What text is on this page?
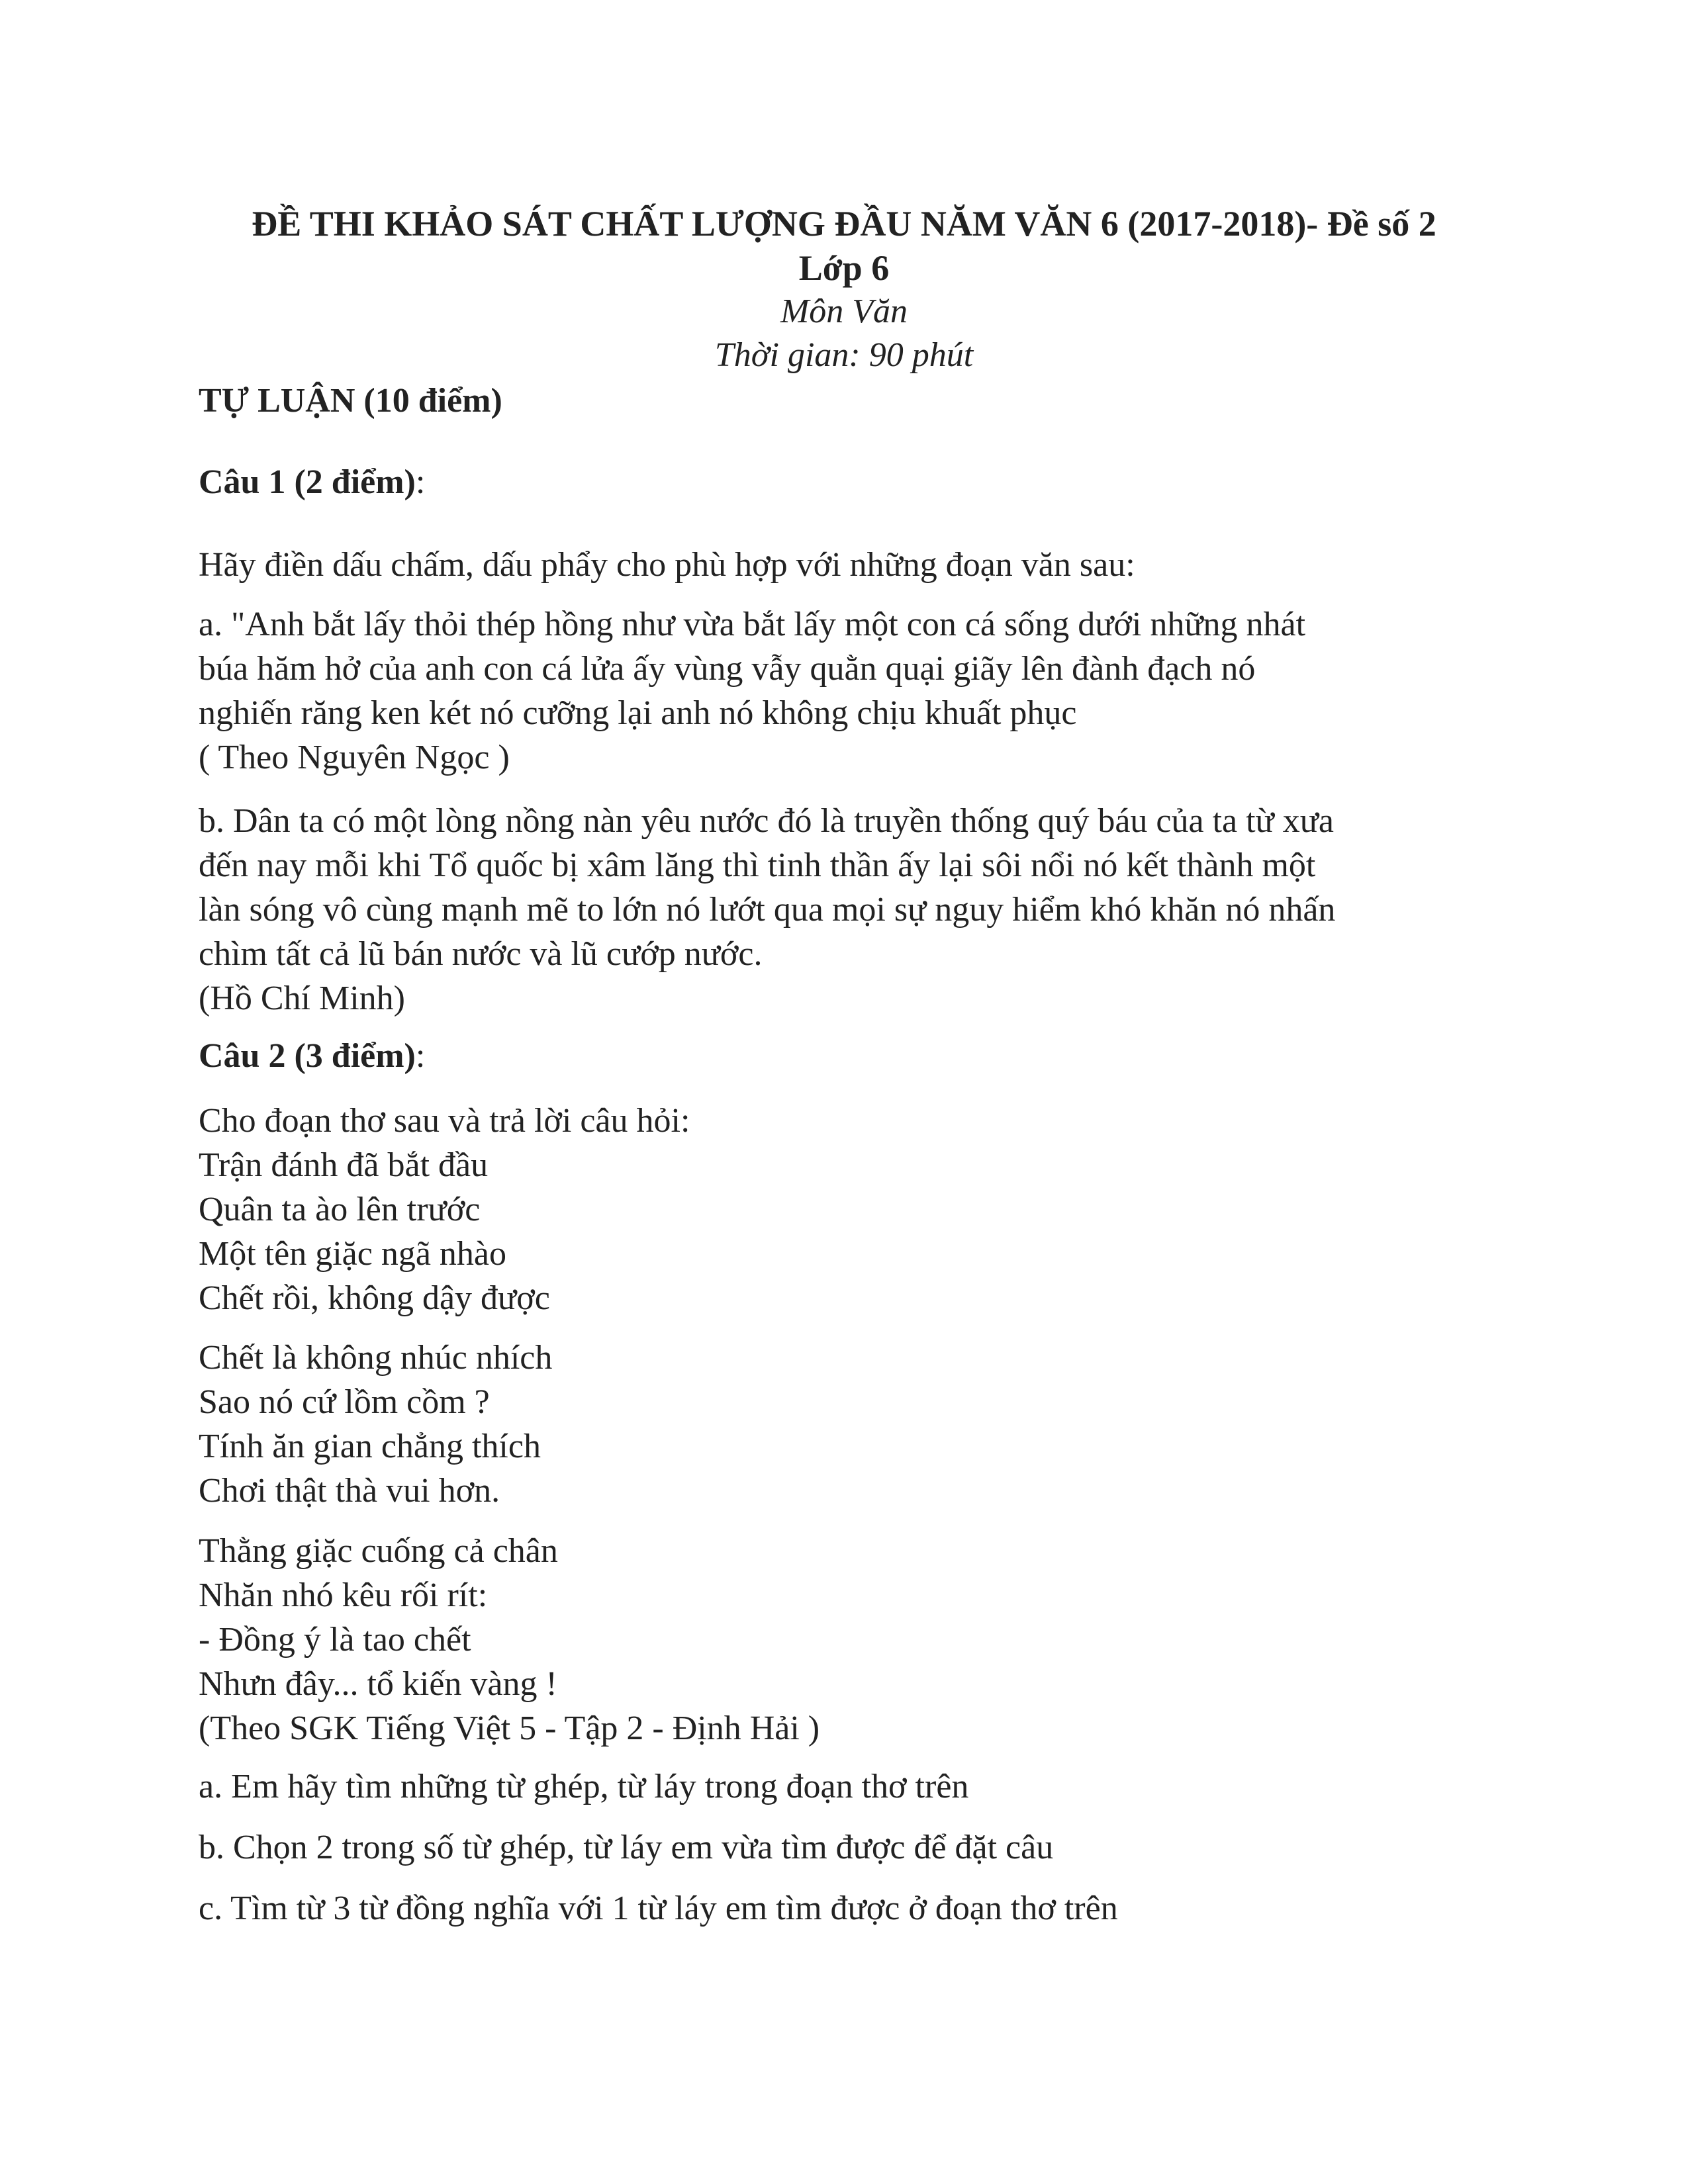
ĐỀ THI KHẢO SÁT CHẤT LƯỢNG ĐẦU NĂM VĂN 6 (2017-2018)- Đề số 2

Lớp 6

Môn Văn

Thời gian: 90 phút

TỰ LUẬN (10 điểm)

Câu 1 (2 điểm):

Hãy điền dấu chấm, dấu phẩy cho phù hợp với những đoạn văn sau:

a. "Anh bắt lấy thỏi thép hồng như vừa bắt lấy một con cá sống dưới những nhát
búa hăm hở của anh con cá lửa ấy vùng vẫy quằn quại giãy lên đành đạch nó
nghiến răng ken két nó cưỡng lại anh nó không chịu khuất phục
( Theo Nguyên Ngọc )
b. Dân ta có một lòng nồng nàn yêu nước đó là truyền thống quý báu của ta từ xưa
đến nay mỗi khi Tổ quốc bị xâm lăng thì tinh thần ấy lại sôi nổi nó kết thành một
làn sóng vô cùng mạnh mẽ to lớn nó lướt qua mọi sự nguy hiểm khó khăn nó nhấn
chìm tất cả lũ bán nước và lũ cướp nước.
(Hồ Chí Minh)

Câu 2 (3 điểm):

Cho đoạn thơ sau và trả lời câu hỏi:
Trận đánh đã bắt đầu
Quân ta ào lên trước
Một tên giặc ngã nhào
Chết rồi, không dậy được
Chết là không nhúc nhích
Sao nó cứ lồm cồm ?
Tính ăn gian chẳng thích
Chơi thật thà vui hơn.
Thằng giặc cuống cả chân
Nhăn nhó kêu rối rít:
- Đồng ý là tao chết
Nhưn đây... tổ kiến vàng !
(Theo SGK Tiếng Việt 5 - Tập 2 - Định Hải )

a. Em hãy tìm những từ ghép, từ láy trong đoạn thơ trên

b. Chọn 2 trong số từ ghép, từ láy em vừa tìm được để đặt câu

c. Tìm từ 3 từ đồng nghĩa với 1 từ láy em tìm được ở đoạn thơ trên
